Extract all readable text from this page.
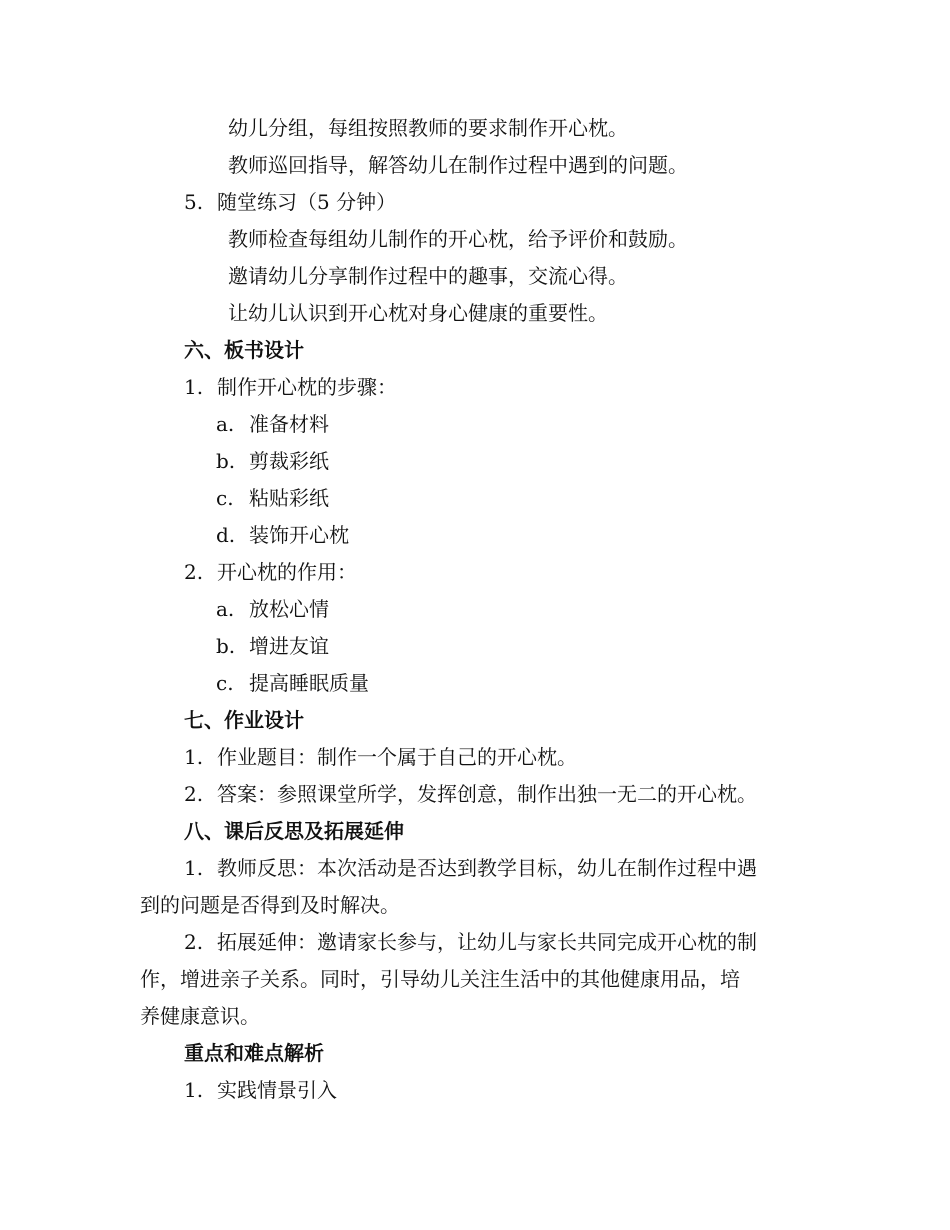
幼儿分组，每组按照教师的要求制作开心枕。
教师巡回指导，解答幼儿在制作过程中遇到的问题。
5. 随堂练习（5 分钟）
教师检查每组幼儿制作的开心枕，给予评价和鼓励。
邀请幼儿分享制作过程中的趣事，交流心得。
让幼儿认识到开心枕对身心健康的重要性。
六、板书设计
1. 制作开心枕的步骤：
a. 准备材料
b. 剪裁彩纸
c. 粘贴彩纸
d. 装饰开心枕
2. 开心枕的作用：
a. 放松心情
b. 增进友谊
c. 提高睡眠质量
七、作业设计
1. 作业题目：制作一个属于自己的开心枕。
2. 答案：参照课堂所学，发挥创意，制作出独一无二的开心枕。
八、课后反思及拓展延伸
1. 教师反思：本次活动是否达到教学目标，幼儿在制作过程中遇
到的问题是否得到及时解决。
2. 拓展延伸：邀请家长参与，让幼儿与家长共同完成开心枕的制
作，增进亲子关系。同时，引导幼儿关注生活中的其他健康用品，培
养健康意识。
重点和难点解析
1. 实践情景引入
